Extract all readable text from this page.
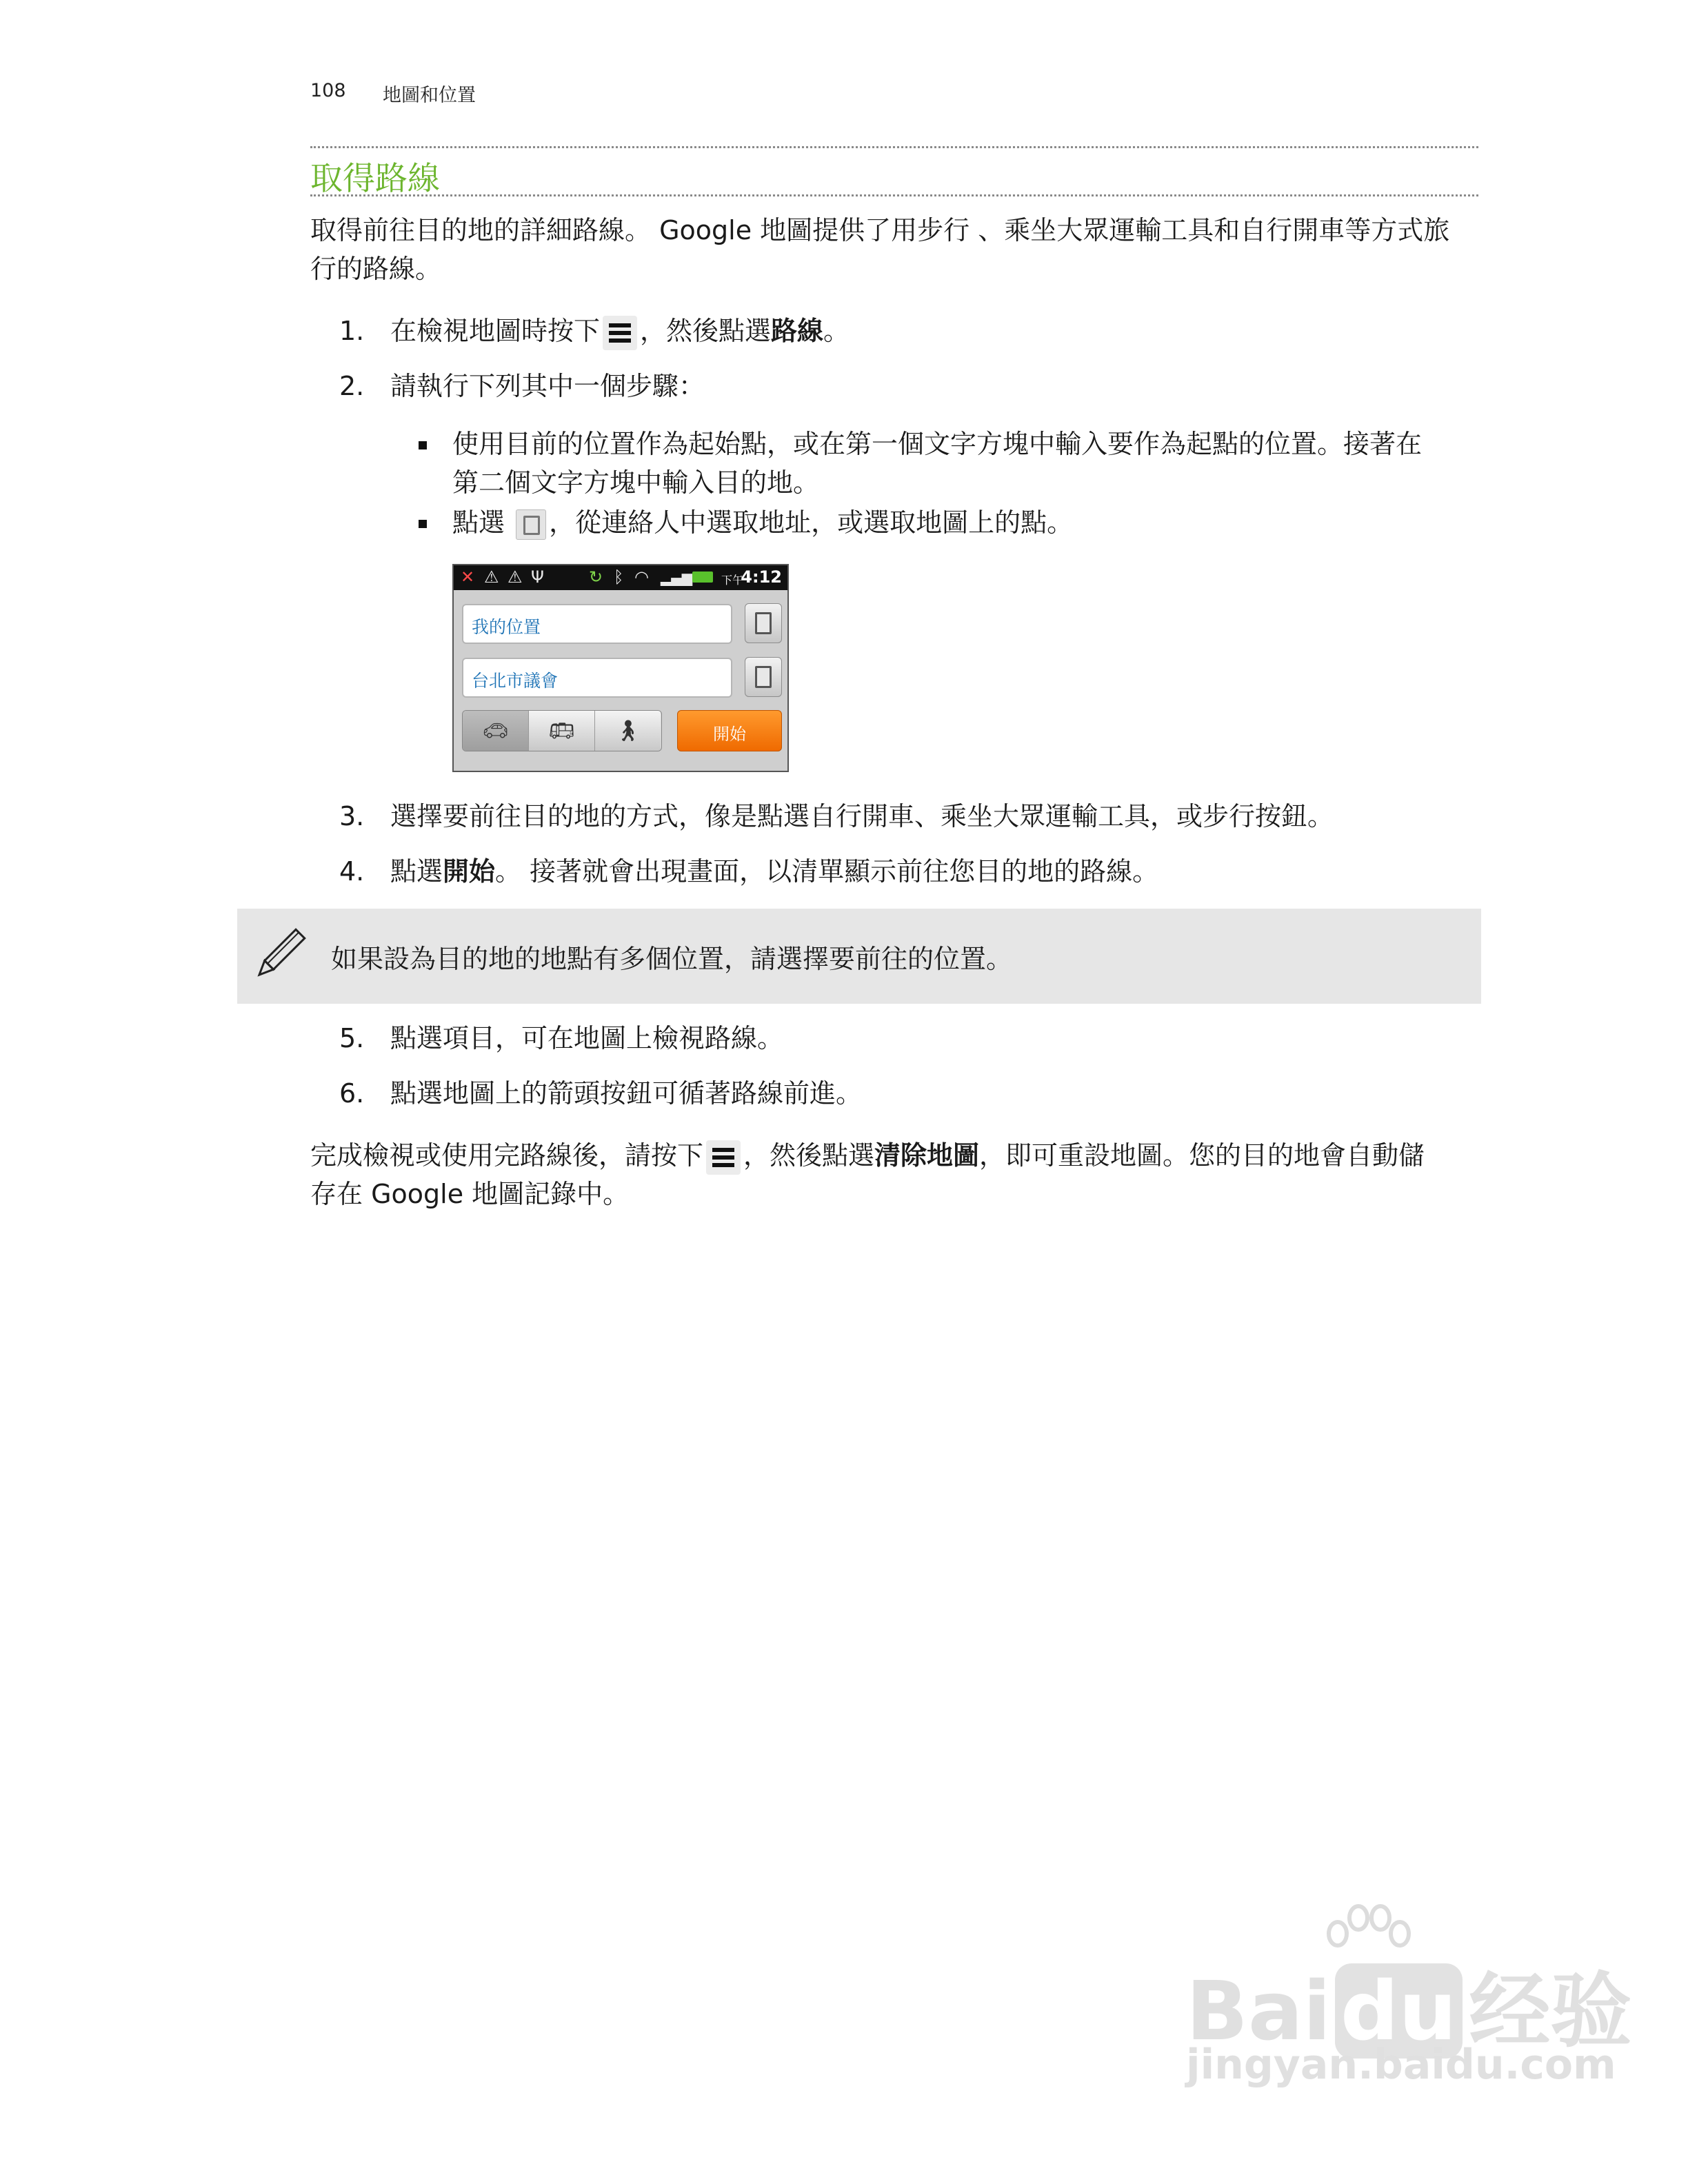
108 地圖和位置
取得路線
取得前往目的地的詳細路線。 Google 地圖提供了用步行 、乘坐大眾運輸工具和自行開車等方式旅
行的路線。
1. 在檢視地圖時按下 ，然後點選路線。
2. 請執行下列其中一個步驟：
使用目前的位置作為起始點，或在第一個文字方塊中輸入要作為起點的位置。接著在
第二個文字方塊中輸入目的地。
點選 ，從連絡人中選取地址，或選取地圖上的點。
✕ ⚠ ⚠ Ψ	↻ ᛒ ◠ ▂▄▆	下午
4:12
我的位置
台北市議會
🚗︎	🚌︎	🚶︎	開始
3. 選擇要前往目的地的方式，像是點選自行開車、乘坐大眾運輸工具，或步行按鈕。
4. 點選開始。 接著就會出現畫面，以清單顯示前往您目的地的路線。
如果設為目的地的地點有多個位置，請選擇要前往的位置。
5. 點選項目，可在地圖上檢視路線。
6. 點選地圖上的箭頭按鈕可循著路線前進。
完成檢視或使用完路線後，請按下 ，然後點選清除地圖，即可重設地圖。您的目的地會自動儲
存在 Google 地圖記錄中。
Bai du 经验
jingyan.baidu.com
